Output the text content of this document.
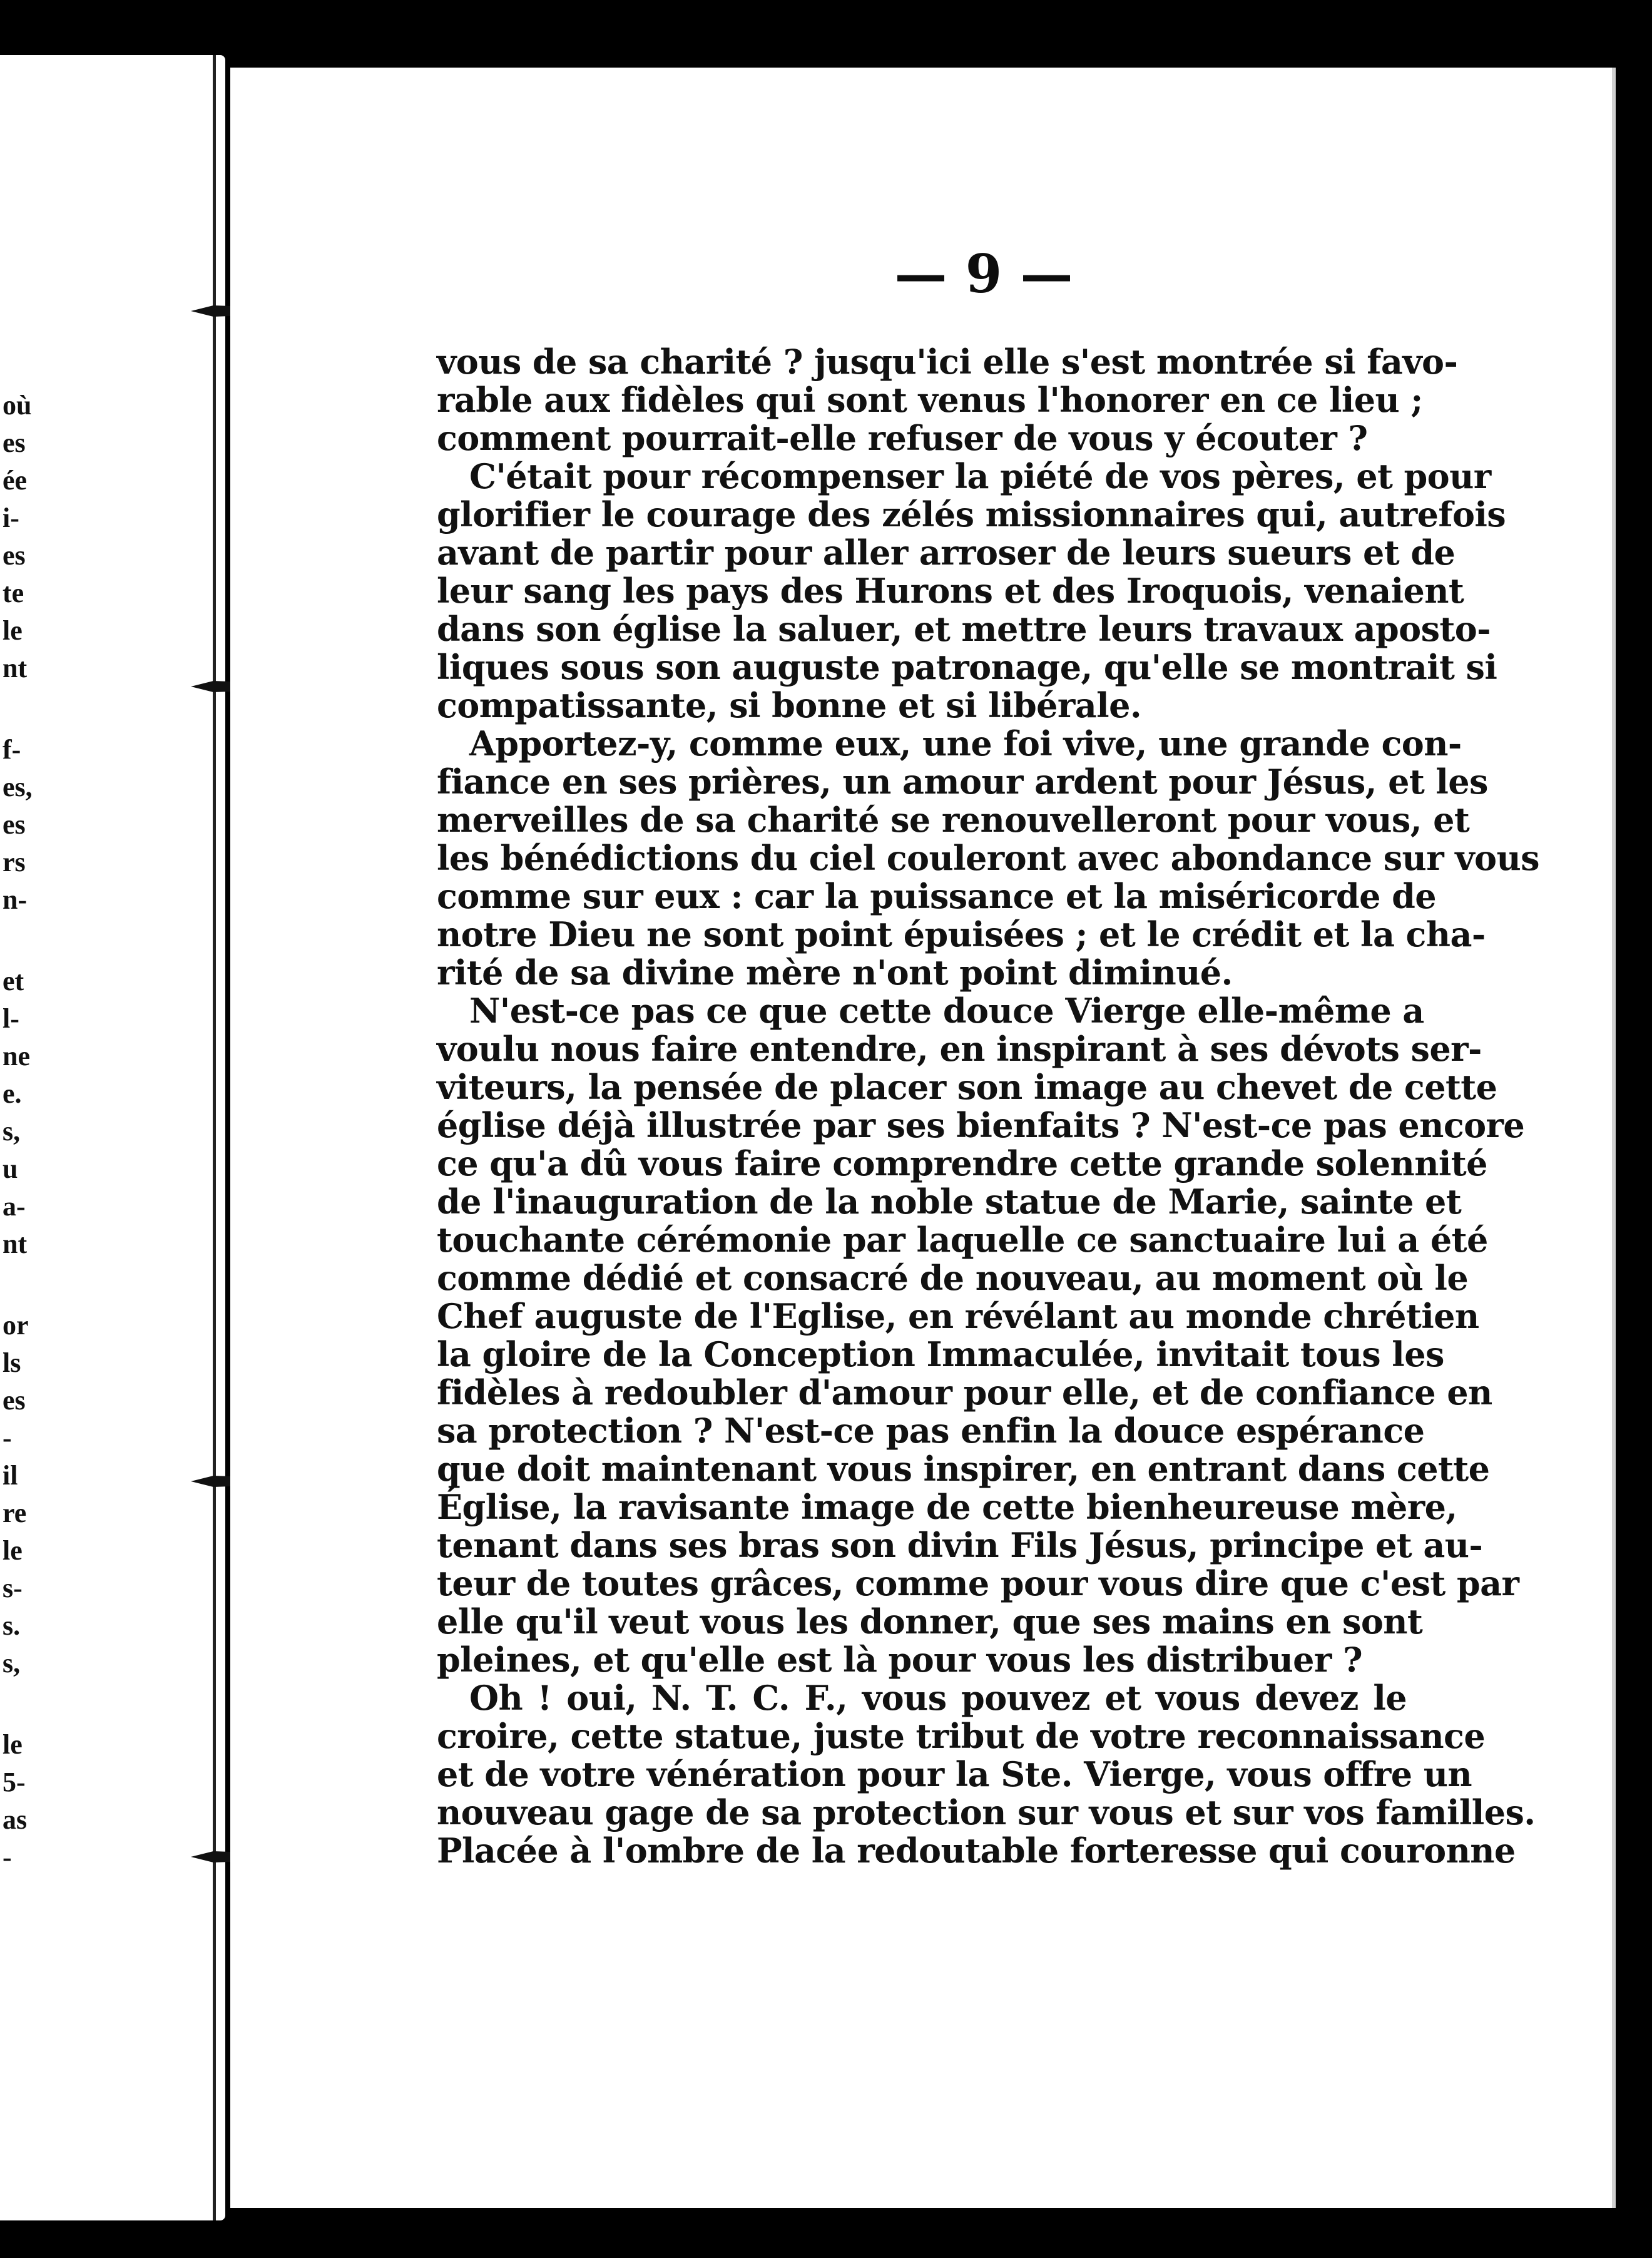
où
es
ée
i-
es
te
le
nt
f-
es,
es
rs
n-
et
l-
ne
e.
s,
u
a-
nt
or
ls
es
-
il
re
le
s-
s.
s,
le
5-
as
-
— 9 —
vous de sa charité ? jusqu'ici elle s'est montrée si favo-
rable aux fidèles qui sont venus l'honorer en ce lieu ;
comment pourrait-elle refuser de vous y écouter ?
C'était pour récompenser la piété de vos pères, et pour
glorifier le courage des zélés missionnaires qui, autrefois
avant de partir pour aller arroser de leurs sueurs et de
leur sang les pays des Hurons et des Iroquois, venaient
dans son église la saluer, et mettre leurs travaux aposto-
liques sous son auguste patronage, qu'elle se montrait si
compatissante, si bonne et si libérale.
Apportez-y, comme eux, une foi vive, une grande con-
fiance en ses prières, un amour ardent pour Jésus, et les
merveilles de sa charité se renouvelleront pour vous, et
les bénédictions du ciel couleront avec abondance sur vous
comme sur eux : car la puissance et la miséricorde de
notre Dieu ne sont point épuisées ; et le crédit et la cha-
rité de sa divine mère n'ont point diminué.
N'est-ce pas ce que cette douce Vierge elle-même a
voulu nous faire entendre, en inspirant à ses dévots ser-
viteurs, la pensée de placer son image au chevet de cette
église déjà illustrée par ses bienfaits ? N'est-ce pas encore
ce qu'a dû vous faire comprendre cette grande solennité
de l'inauguration de la noble statue de Marie, sainte et
touchante cérémonie par laquelle ce sanctuaire lui a été
comme dédié et consacré de nouveau, au moment où le
Chef auguste de l'Eglise, en révélant au monde chrétien
la gloire de la Conception Immaculée, invitait tous les
fidèles à redoubler d'amour pour elle, et de confiance en
sa protection ? N'est-ce pas enfin la douce espérance
que doit maintenant vous inspirer, en entrant dans cette
Église, la ravisante image de cette bienheureuse mère,
tenant dans ses bras son divin Fils Jésus, principe et au-
teur de toutes grâces, comme pour vous dire que c'est par
elle qu'il veut vous les donner, que ses mains en sont
pleines, et qu'elle est là pour vous les distribuer ?
Oh ! oui, N. T. C. F., vous pouvez et vous devez le
croire, cette statue, juste tribut de votre reconnaissance
et de votre vénération pour la Ste. Vierge, vous offre un
nouveau gage de sa protection sur vous et sur vos familles.
Placée à l'ombre de la redoutable forteresse qui couronne
